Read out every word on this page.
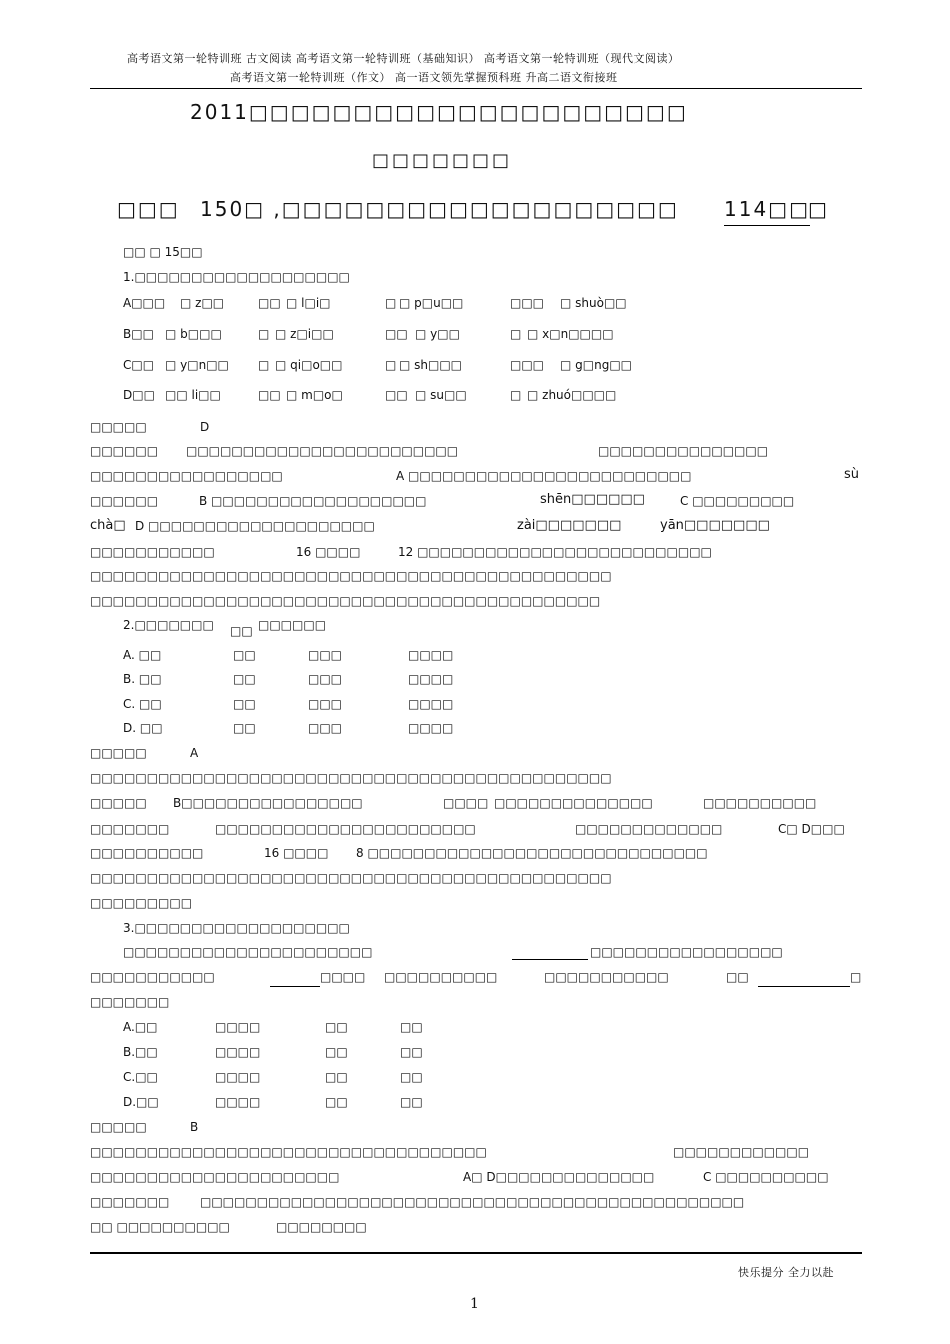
高考语文第一轮特训班 古文阅读 高考语文第一轮特训班（基础知识） 高考语文第一轮特训班（现代文阅读）
高考语文第一轮特训班（作文） 高一语文领先掌握预科班 升高二语文衔接班
2011□□□□□□□□□□□□□□□□□□□□□
□□□□□□□
□□□ 150□ ,□□□□□□□□□□□□□□□□□□□ 114□□
□
□□ □ 15□□
1.□□□□□□□□□□□□□□□□□□□
A□□□ □ z□□	□□ □ l□i□	□ □ p□u□□	□□□ □ shuò□□
B□□ □ b□□□	□ □ z□i□□	□□ □ y□□	□ □ x□n□□□□
C□□ □ y□n□□ □ □ qi□o□□	□ □ sh□□□	□□□ □ g□ng□□
D□□ □□ li□□	□□ □ m□o□	□□ □ su□□	□ □ zhuó□□□□
□□□□□	D
□□□□□□ □□□□□□□□□□□□□□□□□□□□□□□□	□□□□□□□□□□□□□□□
□□□□□□□□□□□□□□□□□	A □□□□□□□□□□□□□□□□□□□□□□□□□	sù
□□□□□□	B □□□□□□□□□□□□□□□□□□□	shēn□□□□□□	C □□□□□□□□□
chà□ D □□□□□□□□□□□□□□□□□□□□	zài□□□□□□□	yān□□□□□□□
□□□□□□□□□□□	16 □□□□	12 □□□□□□□□□□□□□□□□□□□□□□□□□□
□□□□□□□□□□□□□□□□□□□□□□□□□□□□□□□□□□□□□□□□□□□□□□
□□□□□□□□□□□□□□□□□□□□□□□□□□□□□□□□□□□□□□□□□□□□□
2.□□□□□□□ □□ □□□□□□
A. □□	□□	□□□	□□□□
B. □□	□□	□□□	□□□□
C. □□	□□	□□□	□□□□
D. □□	□□	□□□	□□□□
□□□□□	A
□□□□□□□□□□□□□□□□□□□□□□□□□□□□□□□□□□□□□□□□□□□□□□
□□□□□ B□□□□□□□□□□□□□□□□	□□□□ □□□□□□□□□□□□□□	□□□□□□□□□□
□□□□□□□	□□□□□□□□□□□□□□□□□□□□□□□	□□□□□□□□□□□□□	C□ D□□□
□□□□□□□□□□	16 □□□□ 8 □□□□□□□□□□□□□□□□□□□□□□□□□□□□□□
□□□□□□□□□□□□□□□□□□□□□□□□□□□□□□□□□□□□□□□□□□□□□□
□□□□□□□□□
3.□□□□□□□□□□□□□□□□□□□
□□□□□□□□□□□□□□□□□□□□□□	□□□□□□□□□□□□□□□□□
□□□□□□□□□□□	□□□□ □□□□□□□□□□	□□□□□□□□□□□	□□	□
□□□□□□□
A.□□	□□□□	□□	□□
B.□□	□□□□	□□	□□
C.□□	□□□□	□□	□□
D.□□	□□□□	□□	□□
□□□□□	B
□□□□□□□□□□□□□□□□□□□□□□□□□□□□□□□□□□□	□□□□□□□□□□□□
□□□□□□□□□□□□□□□□□□□□□□	A□ D□□□□□□□□□□□□□□	C □□□□□□□□□□
□□□□□□□	□□□□□□□□□□□□□□□□□□□□□□□□□□□□□□□□□□□□□□□□□□□□□□□□
□□ □□□□□□□□□□	□□□□□□□□
快乐提分 全力以赴
1
